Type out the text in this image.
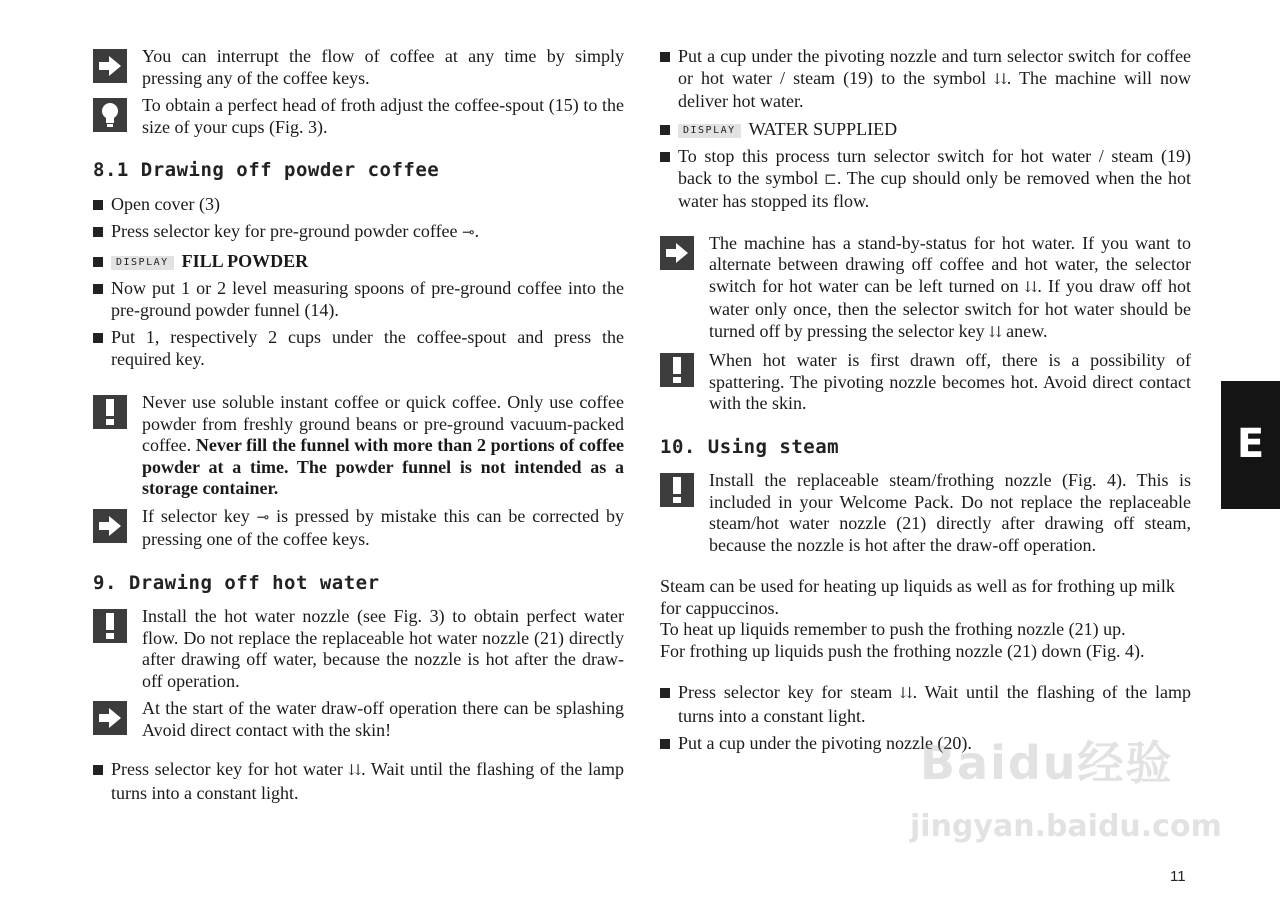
You can interrupt the flow of coffee at any time by simply pressing any of the coffee keys.
To obtain a perfect head of froth adjust the coffee-spout (15) to the size of your cups (Fig. 3).
8.1 Drawing off powder coffee
Open cover (3)
Press selector key for pre-ground powder coffee ⊸.
DISPLAY FILL POWDER
Now put 1 or 2 level measuring spoons of pre-ground coffee into the pre-ground powder funnel (14).
Put 1, respectively 2 cups under the coffee-spout and press the required key.
Never use soluble instant coffee or quick coffee. Only use coffee powder from freshly ground beans or pre-ground vacuum-packed coffee. Never fill the funnel with more than 2 portions of coffee powder at a time. The powder funnel is not intended as a storage container.
If selector key ⊸ is pressed by mistake this can be corrected by pressing one of the coffee keys.
9. Drawing off hot water
Install the hot water nozzle (see Fig. 3) to obtain perfect water flow. Do not replace the replaceable hot water nozzle (21) directly after drawing off water, because the nozzle is hot after the draw-off operation.
At the start of the water draw-off operation there can be splashing Avoid direct contact with the skin!
Press selector key for hot water ⇊. Wait until the flashing of the lamp turns into a constant light.
Put a cup under the pivoting nozzle and turn selector switch for coffee or hot water / steam (19) to the symbol ⇊. The machine will now deliver hot water.
DISPLAY WATER SUPPLIED
To stop this process turn selector switch for hot water / steam (19) back to the symbol ⊏. The cup should only be removed when the hot water has stopped its flow.
The machine has a stand-by-status for hot water. If you want to alternate between drawing off coffee and hot water, the selector switch for hot water can be left turned on ⇊. If you draw off hot water only once, then the selector switch for hot water should be turned off by pressing the selector key ⇊ anew.
When hot water is first drawn off, there is a possibility of spattering. The pivoting nozzle becomes hot. Avoid direct contact with the skin.
10. Using steam
Install the replaceable steam/frothing nozzle (Fig. 4). This is included in your Welcome Pack. Do not replace the replaceable steam/hot water nozzle (21) directly after drawing off steam, because the nozzle is hot after the draw-off operation.

Steam can be used for heating up liquids as well as for frothing up milk for cappuccinos.
To heat up liquids remember to push the frothing nozzle (21) up.
For frothing up liquids push the frothing nozzle (21) down (Fig. 4).

Press selector key for steam ⇊. Wait until the flashing of the lamp turns into a constant light.
Put a cup under the pivoting nozzle (20).
E
11
Baidu经验
jingyan.baidu.com
